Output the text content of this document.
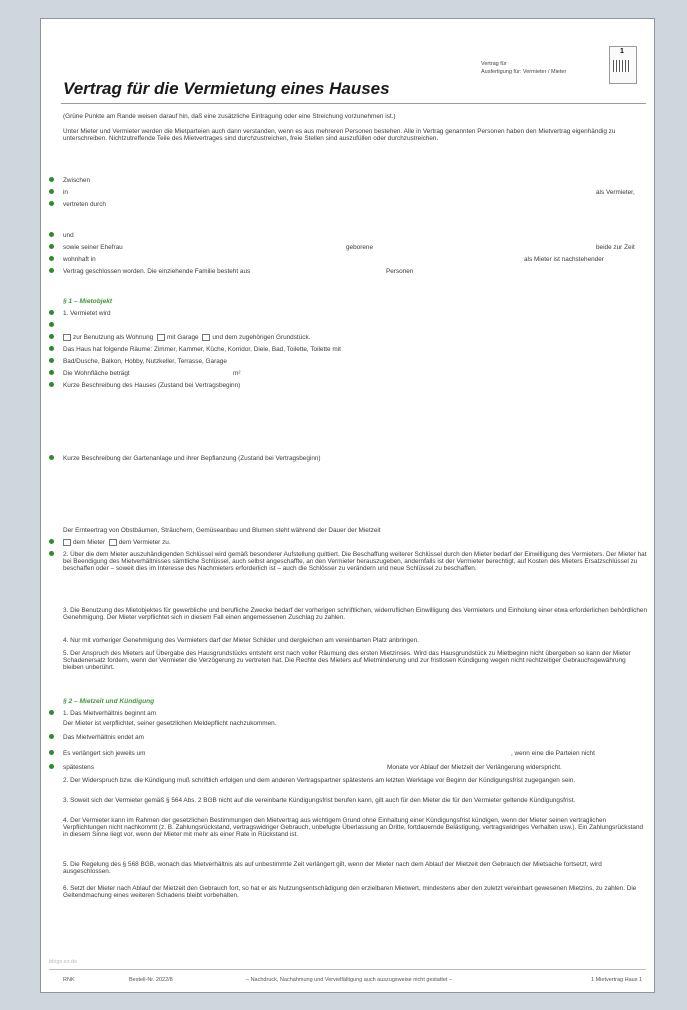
Vertrag für
Ausfertigung für: Vermieter / Mieter
1
Vertrag für die Vermietung eines Hauses
(Grüne Punkte am Rande weisen darauf hin, daß eine zusätzliche Eintragung oder eine Streichung vorzunehmen ist.)
Unter Mieter und Vermieter werden die Mietparteien auch dann verstanden, wenn es aus mehreren Personen bestehen. Alle in Vertrag genannten Personen haben den Mietvertrag eigenhändig zu unterschreiben. Nichtzutreffende Teile des Mietvertrages sind durchzustreichen, freie Stellen sind auszufüllen oder durchzustreichen.
Zwischen
in	als Vermieter,
vertreten durch
und
sowie seiner Ehefrau	geborene	beide zur Zeit
wohnhaft in	als Mieter ist nachstehender
Vertrag geschlossen worden. Die einziehende Familie besteht aus	Personen
§ 1 – Mietobjekt
1. Vermietet wird
zur Benutzung als Wohnung mit Garage und dem zugehörigen Grundstück.
Das Haus hat folgende Räume: Zimmer, Kammer, Küche, Korridor, Diele, Bad, Toilette, Toilette mit
Bad/Dusche, Balkon, Hobby, Nutzkeller, Terrasse, Garage
Die Wohnfläche beträgt	m²
Kurze Beschreibung des Hauses (Zustand bei Vertragsbeginn)
Kurze Beschreibung der Gartenanlage und ihrer Bepflanzung (Zustand bei Vertragsbeginn)
Der Ernteertrag von Obstbäumen, Sträuchern, Gemüseanbau und Blumen steht während der Dauer der Mietzeit
dem Mieter dem Vermieter zu.
2. Über die dem Mieter auszuhändigenden Schlüssel wird gemäß besonderer Aufstellung quittiert. Die Beschaffung weiterer Schlüssel durch den Mieter bedarf der Einwilligung des Vermieters. Der Mieter hat bei Beendigung des Mietverhältnisses sämtliche Schlüssel, auch selbst angeschaffte, an den Vermieter herauszugeben, andernfalls ist der Vermieter berechtigt, auf Kosten des Mieters Ersatzschlüssel zu beschaffen oder – soweit dies im Interesse des Nachmieters erforderlich ist – auch die Schlösser zu verändern und neue Schlüssel zu beschaffen.
3. Die Benutzung des Mietobjektes für gewerbliche und berufliche Zwecke bedarf der vorherigen schriftlichen, widerruflichen Einwilligung des Vermieters und Einholung einer etwa erforderlichen behördlichen Genehmigung. Der Mieter verpflichtet sich in diesem Fall einen angemessenen Zuschlag zu zahlen.
4. Nur mit vorheriger Genehmigung des Vermieters darf der Mieter Schilder und dergleichen am vereinbarten Platz anbringen.
5. Der Anspruch des Mieters auf Übergabe des Hausgrundstücks entsteht erst nach voller Räumung des ersten Mietzinses. Wird das Hausgrundstück zu Mietbeginn nicht übergeben so kann der Mieter Schadenersatz fordern, wenn der Vermieter die Verzögerung zu vertreten hat. Die Rechte des Mieters auf Mietminderung und zur fristlosen Kündigung wegen nicht rechtzeitiger Gebrauchsgewährung bleiben unberührt.
§ 2 – Mietzeit und Kündigung
1. Das Mietverhältnis beginnt am
Der Mieter ist verpflichtet, seiner gesetzlichen Meldepflicht nachzukommen.
Das Mietverhältnis endet am
Es verlängert sich jeweils um	, wenn eine die Parteien nicht
spätestens	Monate vor Ablauf der Mietzeit der Verlängerung widerspricht.
2. Der Widerspruch bzw. die Kündigung muß schriftlich erfolgen und dem anderen Vertragspartner spätestens am letzten Werktage vor Beginn der Kündigungsfrist zugegangen sein.
3. Soweit sich der Vermieter gemäß § 564 Abs. 2 BGB nicht auf die vereinbarte Kündigungsfrist berufen kann, gilt auch für den Mieter die für den Vermieter geltende Kündigungsfrist.
4. Der Vermieter kann im Rahmen der gesetzlichen Bestimmungen den Mietvertrag aus wichtigem Grund ohne Einhaltung einer Kündigungsfrist kündigen, wenn der Mieter seinen vertraglichen Verpflichtungen nicht nachkommt (z. B. Zahlungsrückstand, vertragswidriger Gebrauch, unbefugte Überlassung an Dritte, fortdauernde Belästigung, vertragswidriges Verhalten usw.). Ein Zahlungsrückstand in diesem Sinne liegt vor, wenn der Mieter mit mehr als einer Rate in Rückstand ist.
5. Die Regelung des § 568 BGB, wonach das Mietverhältnis als auf unbestimmte Zeit verlängert gilt, wenn der Mieter nach dem Ablauf der Mietzeit den Gebrauch der Mietsache fortsetzt, wird ausgeschlossen.
6. Setzt der Mieter nach Ablauf der Mietzeit den Gebrauch fort, so hat er als Nutzungsentschädigung den erzielbaren Mietwert, mindestens aber den zuletzt vereinbart gewesenen Mietzins, zu zahlen. Die Geltendmachung eines weiteren Schadens bleibt vorbehalten.
blogs.ez.de
RNK	Bestell-Nr. 2022/8	– Nachdruck, Nachahmung und Vervielfältigung auch auszugsweise nicht gestattet –	1 Mietvertrag Haus 1
